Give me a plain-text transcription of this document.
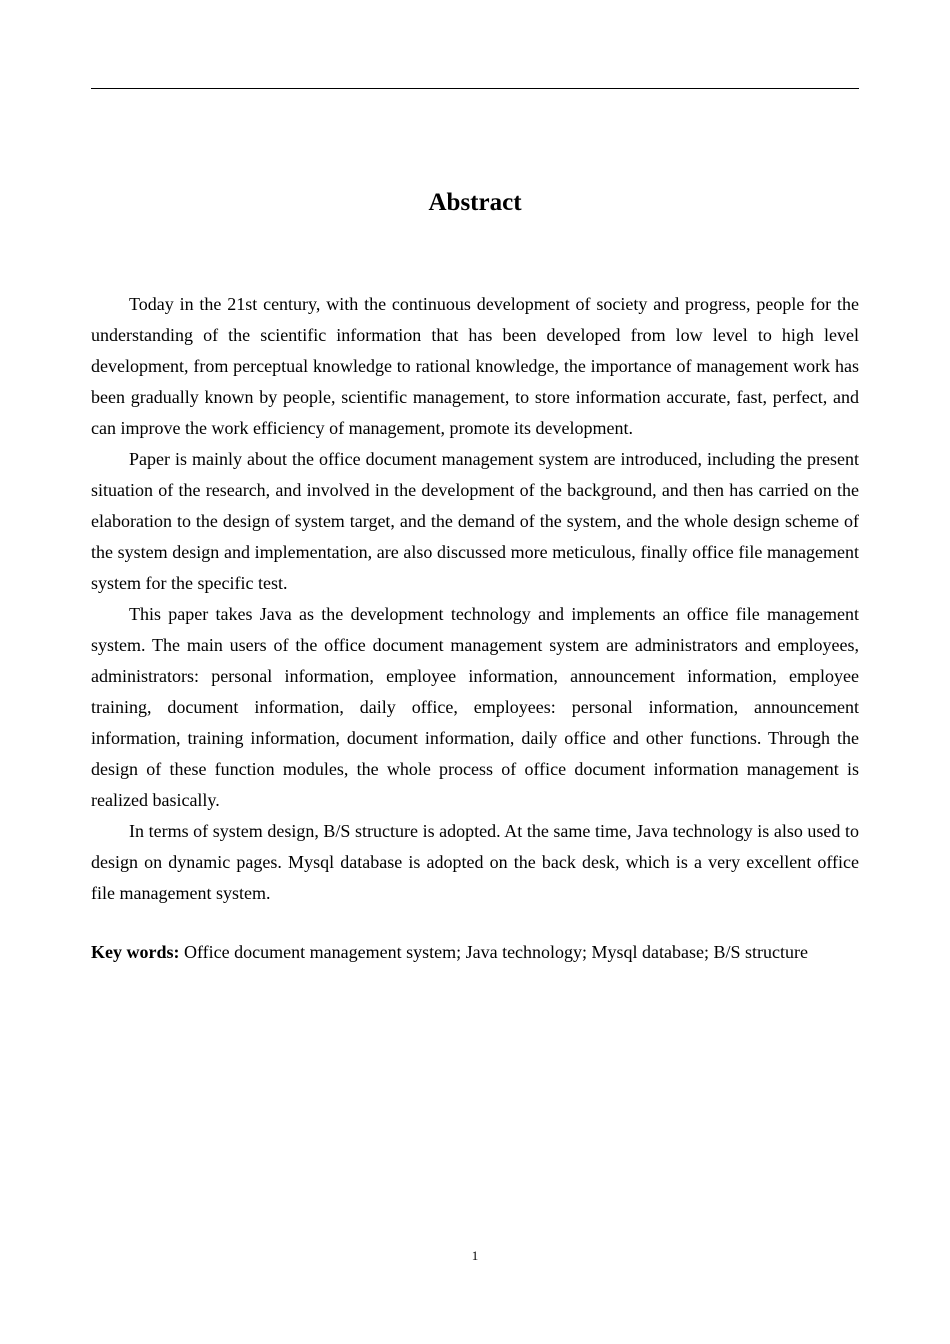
Abstract

Today in the 21st century, with the continuous development of society and progress, people for the understanding of the scientific information that has been developed from low level to high level development, from perceptual knowledge to rational knowledge, the importance of management work has been gradually known by people, scientific management, to store information accurate, fast, perfect, and can improve the work efficiency of management, promote its development.

Paper is mainly about the office document management system are introduced, including the present situation of the research, and involved in the development of the background, and then has carried on the elaboration to the design of system target, and the demand of the system, and the whole design scheme of the system design and implementation, are also discussed more meticulous, finally office file management system for the specific test.

This paper takes Java as the development technology and implements an office file management system. The main users of the office document management system are administrators and employees, administrators: personal information, employee information, announcement information, employee training, document information, daily office, employees: personal information, announcement information, training information, document information, daily office and other functions. Through the design of these function modules, the whole process of office document information management is realized basically.

In terms of system design, B/S structure is adopted. At the same time, Java technology is also used to design on dynamic pages. Mysql database is adopted on the back desk, which is a very excellent office file management system.

Key words: Office document management system; Java technology; Mysql database; B/S structure

1
